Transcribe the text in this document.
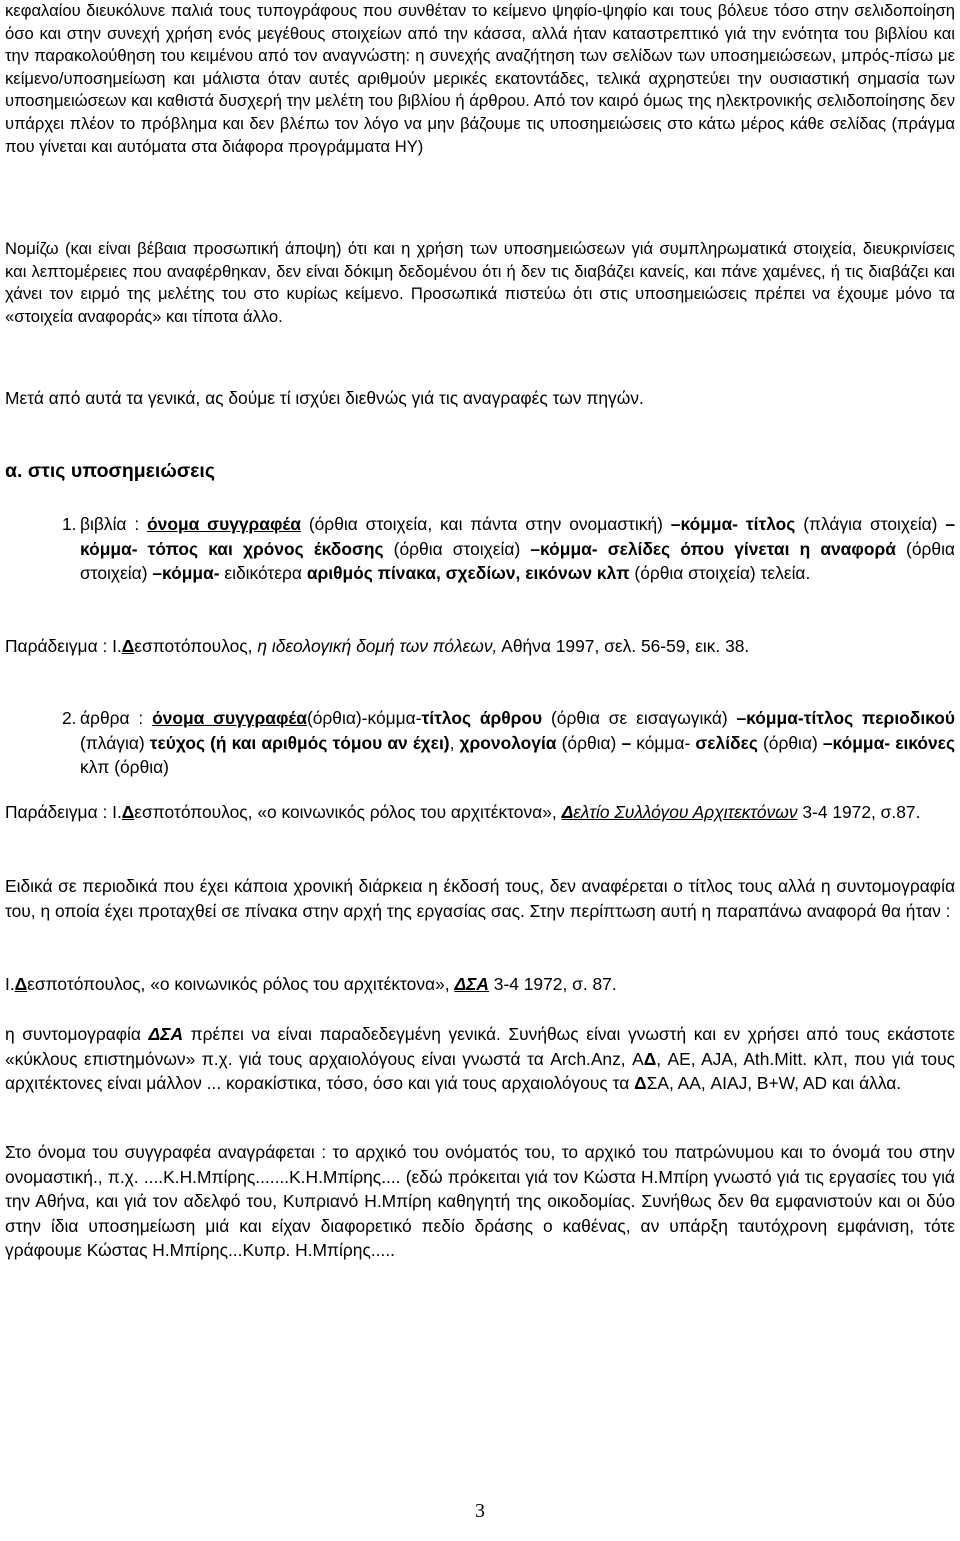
κεφαλαίου διευκόλυνε παλιά τους τυπογράφους που συνθέταν το κείμενο ψηφίο-ψηφίο και τους βόλευε τόσο στην σελιδοποίηση όσο και στην συνεχή χρήση ενός μεγέθους στοιχείων από την κάσσα, αλλά ήταν καταστρεπτικό γιά την ενότητα του βιβλίου και την παρακολούθηση του κειμένου από τον αναγνώστη: η συνεχής αναζήτηση των σελίδων των υποσημειώσεων, μπρός-πίσω με κείμενο/υποσημείωση και μάλιστα όταν αυτές αριθμούν μερικές εκατοντάδες, τελικά αχρηστεύει την ουσιαστική σημασία των υποσημειώσεων και καθιστά δυσχερή την μελέτη του βιβλίου ή άρθρου. Από τον καιρό όμως της ηλεκτρονικής σελιδοποίησης δεν υπάρχει πλέον το πρόβλημα και δεν βλέπω τον λόγο να μην βάζουμε τις υποσημειώσεις στο κάτω μέρος κάθε σελίδας (πράγμα που γίνεται και αυτόματα στα διάφορα προγράμματα ΗΥ)

Νομίζω (και είναι βέβαια προσωπική άποψη) ότι και η χρήση των υποσημειώσεων γιά συμπληρωματικά στοιχεία, διευκρινίσεις και λεπτομέρειες που αναφέρθηκαν, δεν είναι δόκιμη δεδομένου ότι ή δεν τις διαβάζει κανείς, και πάνε χαμένες, ή τις διαβάζει και χάνει τον ειρμό της μελέτης του στο κυρίως κείμενο. Προσωπικά πιστεύω ότι στις υποσημειώσεις πρέπει να έχουμε μόνο τα «στοιχεία αναφοράς» και τίποτα άλλο.

Μετά από αυτά τα γενικά, ας δούμε τί ισχύει διεθνώς γιά τις αναγραφές των πηγών.

α. στις υποσημειώσεις
1. βιβλία : όνομα συγγραφέα (όρθια στοιχεία, και πάντα στην ονομαστική) –κόμμα- τίτλος (πλάγια στοιχεία) –κόμμα- τόπος και χρόνος έκδοσης (όρθια στοιχεία) –κόμμα- σελίδες όπου γίνεται η αναφορά (όρθια στοιχεία) –κόμμα- ειδικότερα αριθμός πίνακα, σχεδίων, εικόνων κλπ (όρθια στοιχεία) τελεία.

Παράδειγμα : Ι.Δεσποτόπουλος, η ιδεολογική δομή των πόλεων, Αθήνα 1997, σελ. 56-59, εικ. 38.

2. άρθρα : όνομα συγγραφέα(όρθια)-κόμμα-τίτλος άρθρου (όρθια σε εισαγωγικά) –κόμμα-τίτλος περιοδικού (πλάγια) τεύχος (ή και αριθμός τόμου αν έχει), χρονολογία (όρθια) – κόμμα- σελίδες (όρθια) –κόμμα- εικόνες κλπ (όρθια)

Παράδειγμα : Ι.Δεσποτόπουλος, «ο κοινωνικός ρόλος του αρχιτέκτονα», Δελτίο Συλλόγου Αρχιτεκτόνων 3-4 1972, σ.87.

Ειδικά σε περιοδικά που έχει κάποια χρονική διάρκεια η έκδοσή τους, δεν αναφέρεται ο τίτλος τους αλλά η συντομογραφία του, η οποία έχει προταχθεί σε πίνακα στην αρχή της εργασίας σας. Στην περίπτωση αυτή η παραπάνω αναφορά θα ήταν :

Ι.Δεσποτόπουλος, «ο κοινωνικός ρόλος του αρχιτέκτονα», ΔΣΑ 3-4 1972, σ. 87.

η συντομογραφία ΔΣΑ πρέπει να είναι παραδεδεγμένη γενικά. Συνήθως είναι γνωστή και εν χρήσει από τους εκάστοτε «κύκλους επιστημόνων» π.χ. γιά τους αρχαιολόγους είναι γνωστά τα Arch.Anz, ΑΔ, AE, AJA, Ath.Mitt. κλπ, που γιά τους αρχιτέκτονες είναι μάλλον ... κορακίστικα, τόσο, όσο και γιά τους αρχαιολόγους τα ΔΣΑ, ΑΑ, AIAJ, B+W, AD και άλλα.

Στο όνομα του συγγραφέα αναγράφεται : το αρχικό του ονόματός του, το αρχικό του πατρώνυμου και το όνομά του στην ονομαστική., π.χ. ....Κ.Η.Μπίρης.......Κ.Η.Μπίρης.... (εδώ πρόκειται γιά τον Κώστα Η.Μπίρη γνωστό γιά τις εργασίες του γιά την Αθήνα, και γιά τον αδελφό του, Κυπριανό Η.Μπίρη καθηγητή της οικοδομίας. Συνήθως δεν θα εμφανιστούν και οι δύο στην ίδια υποσημείωση μιά και είχαν διαφορετικό πεδίο δράσης ο καθένας, αν υπάρξη ταυτόχρονη εμφάνιση, τότε γράφουμε Κώστας Η.Μπίρης...Κυπρ. Η.Μπίρης.....

3
